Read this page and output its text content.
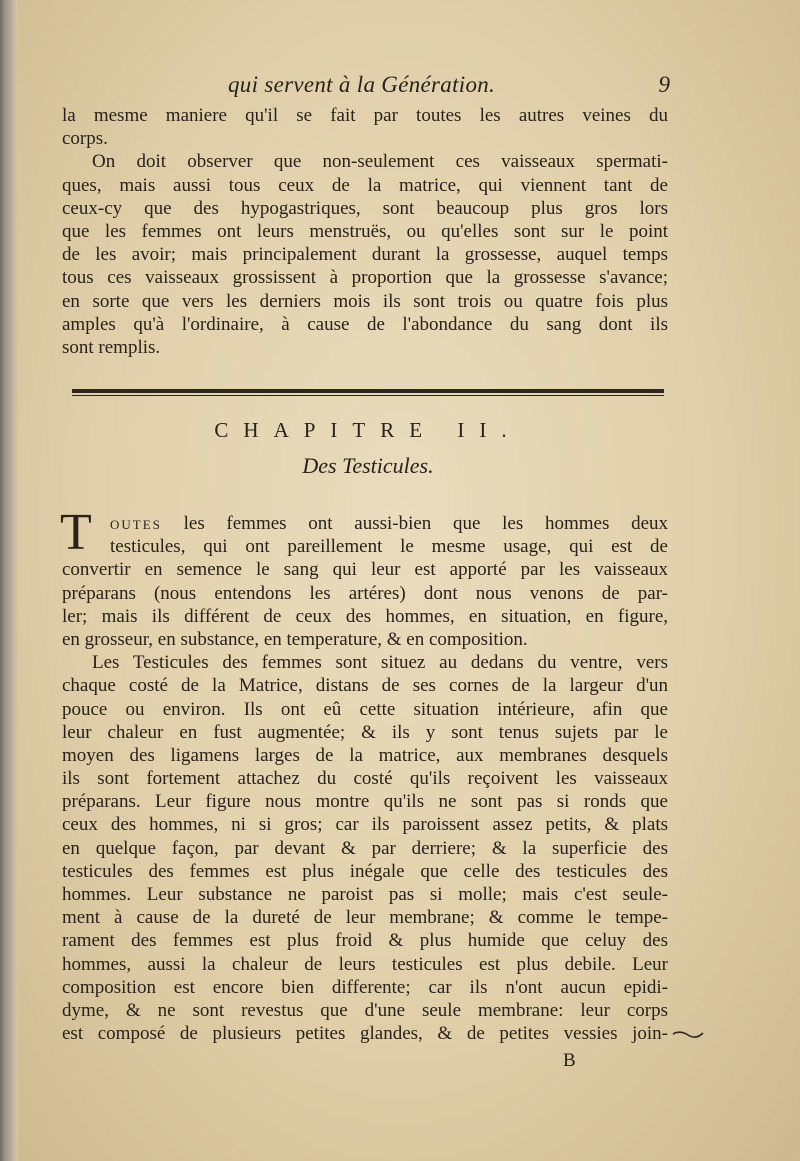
qui servent à la Génération.	9
la mesme maniere qu'il se fait par toutes les autres veines du
corps.
On doit observer que non-seulement ces vaisseaux spermati-
ques, mais aussi tous ceux de la matrice, qui viennent tant de
ceux-cy que des hypogastriques, sont beaucoup plus gros lors
que les femmes ont leurs menstruës, ou qu'elles sont sur le point
de les avoir; mais principalement durant la grossesse, auquel temps
tous ces vaisseaux grossissent à proportion que la grossesse s'avance;
en sorte que vers les derniers mois ils sont trois ou quatre fois plus
amples qu'à l'ordinaire, à cause de l'abondance du sang dont ils
sont remplis.
CHAPITRE II.
Des Testicules.
T outes les femmes ont aussi-bien que les hommes deux
testicules, qui ont pareillement le mesme usage, qui est de
convertir en semence le sang qui leur est apporté par les vaisseaux
préparans (nous entendons les artéres) dont nous venons de par-
ler; mais ils différent de ceux des hommes, en situation, en figure,
en grosseur, en substance, en temperature, & en composition.
Les Testicules des femmes sont situez au dedans du ventre, vers
chaque costé de la Matrice, distans de ses cornes de la largeur d'un
pouce ou environ. Ils ont eû cette situation intérieure, afin que
leur chaleur en fust augmentée; & ils y sont tenus sujets par le
moyen des ligamens larges de la matrice, aux membranes desquels
ils sont fortement attachez du costé qu'ils reçoivent les vaisseaux
préparans. Leur figure nous montre qu'ils ne sont pas si ronds que
ceux des hommes, ni si gros; car ils paroissent assez petits, & plats
en quelque façon, par devant & par derriere; & la superficie des
testicules des femmes est plus inégale que celle des testicules des
hommes. Leur substance ne paroist pas si molle; mais c'est seule-
ment à cause de la dureté de leur membrane; & comme le tempe-
rament des femmes est plus froid & plus humide que celuy des
hommes, aussi la chaleur de leurs testicules est plus debile. Leur
composition est encore bien differente; car ils n'ont aucun epidi-
dyme, & ne sont revestus que d'une seule membrane: leur corps
est composé de plusieurs petites glandes, & de petites vessies join-
B
